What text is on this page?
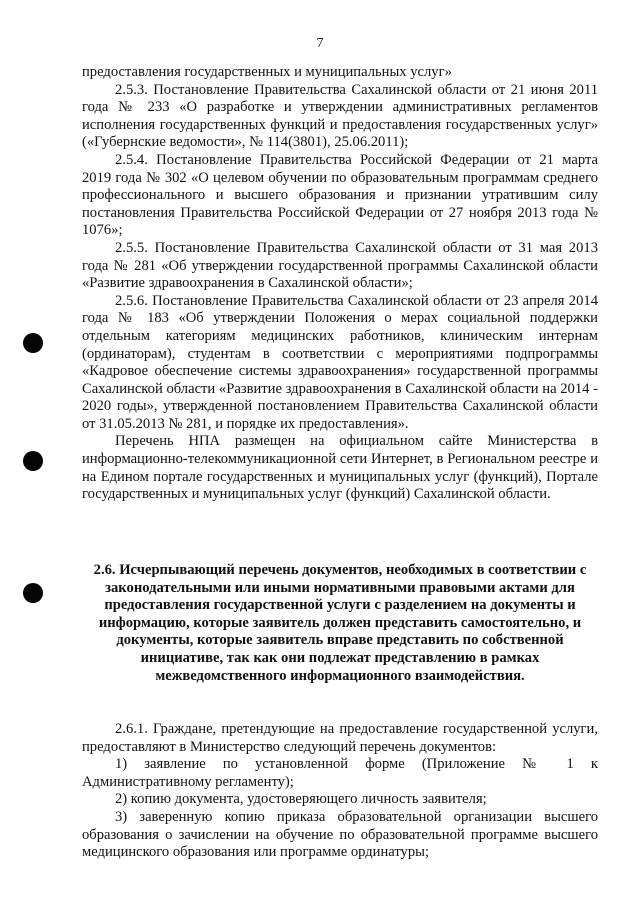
7

предоставления государственных и муниципальных услуг»

2.5.3. Постановление Правительства Сахалинской области от 21 июня 2011 года № 233 «О разработке и утверждении административных регламентов исполнения государственных функций и предоставления государственных услуг» («Губернские ведомости», № 114(3801), 25.06.2011);

2.5.4. Постановление Правительства Российской Федерации от 21 марта 2019 года № 302 «О целевом обучении по образовательным программам среднего профессионального и высшего образования и признании утратившим силу постановления Правительства Российской Федерации от 27 ноября 2013 года № 1076»;

2.5.5. Постановление Правительства Сахалинской области от 31 мая 2013 года № 281 «Об утверждении государственной программы Сахалинской области «Развитие здравоохранения в Сахалинской области»;

2.5.6. Постановление Правительства Сахалинской области от 23 апреля 2014 года № 183 «Об утверждении Положения о мерах социальной поддержки отдельным категориям медицинских работников, клиническим интернам (ординаторам), студентам в соответствии с мероприятиями подпрограммы «Кадровое обеспечение системы здравоохранения» государственной программы Сахалинской области «Развитие здравоохранения в Сахалинской области на 2014 - 2020 годы», утвержденной постановлением Правительства Сахалинской области от 31.05.2013 № 281, и порядке их предоставления».

Перечень НПА размещен на официальном сайте Министерства в информационно-телекоммуникационной сети Интернет, в Региональном реестре и на Едином портале государственных и муниципальных услуг (функций), Портале государственных и муниципальных услуг (функций) Сахалинской области.

2.6. Исчерпывающий перечень документов, необходимых в соответствии с законодательными или иными нормативными правовыми актами для предоставления государственной услуги с разделением на документы и информацию, которые заявитель должен представить самостоятельно, и документы, которые заявитель вправе представить по собственной инициативе, так как они подлежат представлению в рамках межведомственного информационного взаимодействия.

2.6.1. Граждане, претендующие на предоставление государственной услуги, предоставляют в Министерство следующий перечень документов:

1) заявление по установленной форме (Приложение № 1 к Административному регламенту);

2) копию документа, удостоверяющего личность заявителя;

3) заверенную копию приказа образовательной организации высшего образования о зачислении на обучение по образовательной программе высшего медицинского образования или программе ординатуры;
